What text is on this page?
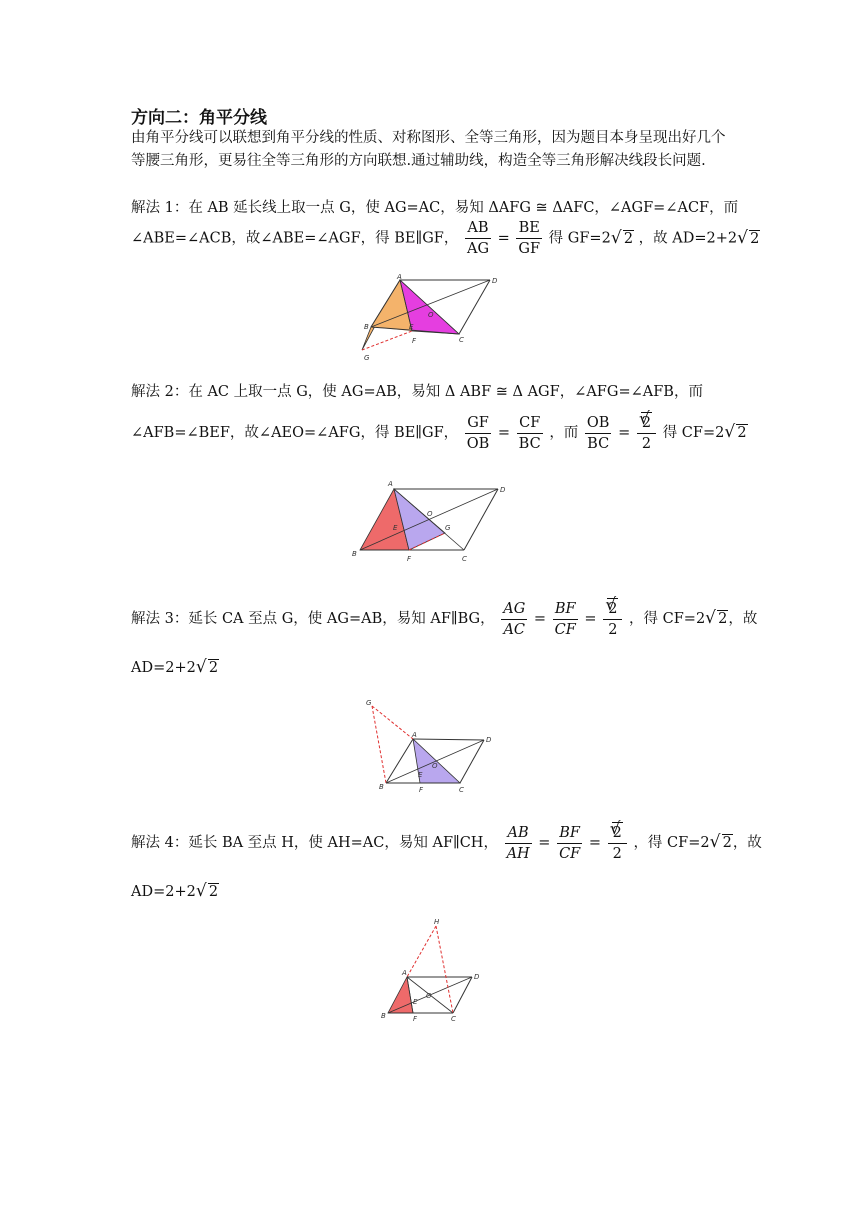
方向二：角平分线
由角平分线可以联想到角平分线的性质、对称图形、全等三角形，因为题目本身呈现出好几个等腰三角形，更易往全等三角形的方向联想.通过辅助线，构造全等三角形解决线段长问题.
解法 1：在 AB 延长线上取一点 G，使 AG=AC，易知 ΔAFG ≅ ΔAFC，∠AGF=∠ACF，而
∠ABE=∠ACB，故∠ABE=∠AGF，得 BE∥GF， $\frac{AB}{AG} = \frac{BE}{GF}$ 得 GF=2 √ 2 ，故 AD=2+2 √ 2
A	D
B	E
O
F	C
G
解法 2：在 AC 上取一点 G，使 AG=AB，易知 Δ ABF ≅ Δ AGF，∠AFG=∠AFB，而
∠AFB=∠BEF，故∠AEO=∠AFG，得 BE∥GF， $\frac{GF}{OB} = \frac{CF}{BC}$ ，而 $\frac{OB}{BC}$ = √ $\frac{2}{2}$ 得 CF=2 √ 2
A
D
B
E
O
G
F	C
解法 3：延长 CA 至点 G，使 AG=AB，易知 AF∥BG， $\frac{AG}{AC} = \frac{BF}{CF}$ = √ $\frac{2}{2}$ ，得 CF=2 √ 2，故
AD=2+2 √ 2
G
A
D
B
E
O
F	C
解法 4：延长 BA 至点 H，使 AH=AC，易知 AF∥CH， $\frac{AB}{AH} = \frac{BF}{CF}$ = √ $\frac{2}{2}$ ，得 CF=2 √ 2，故
AD=2+2 √ 2
H
A	D
B
E
O
F	C
